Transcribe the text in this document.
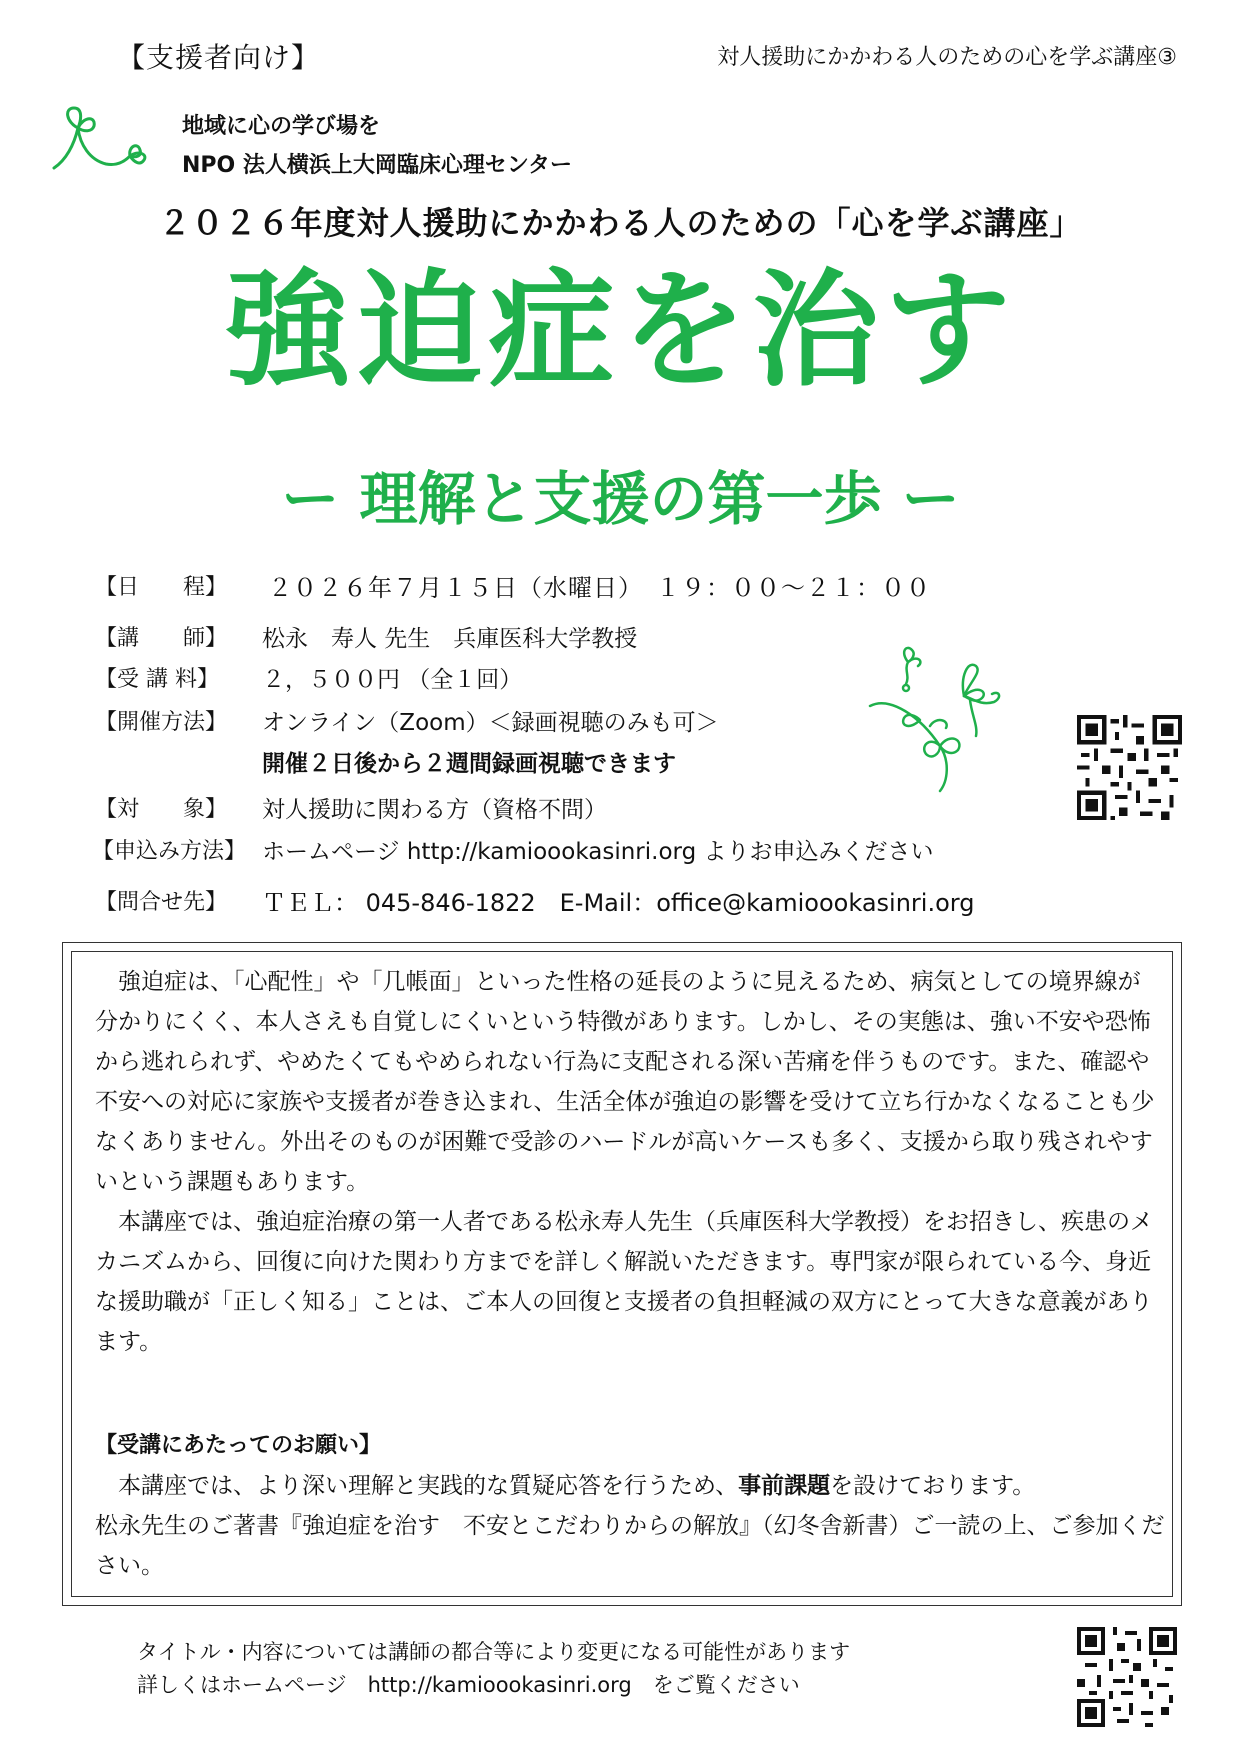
【支援者向け】	対人援助にかかわる人のための心を学ぶ講座③
地域に心の学び場を
NPO 法人横浜上大岡臨床心理センター
２０２６年度対人援助にかかわる人のための「心を学ぶ講座」
強迫症を治す
ー 理解と支援の第一歩 ー
【日　　程】 ２０２６年７月１５日（水曜日）　１９：００～２１：００
【講　　師】 松永　寿人 先生　兵庫医科大学教授
【受 講 料】 ２，５００円 （全１回）
【開催方法】 オンライン（Zoom）＜録画視聴のみも可＞
開催２日後から２週間録画視聴できます
【対　　象】 対人援助に関わる方（資格不問）
【申込み方法】 ホームページ http://kamioookasinri.org よりお申込みください
【問合せ先】 ＴＥＬ： 045-846-1822　E-Mail：office@kamioookasinri.org

強迫症は、「心配性」や「几帳面」といった性格の延長のように見えるため、病気としての境界線が分かりにくく、本人さえも自覚しにくいという特徴があります。しかし、その実態は、強い不安や恐怖から逃れられず、やめたくてもやめられない行為に支配される深い苦痛を伴うものです。また、確認や不安への対応に家族や支援者が巻き込まれ、生活全体が強迫の影響を受けて立ち行かなくなることも少なくありません。外出そのものが困難で受診のハードルが高いケースも多く、支援から取り残されやすいという課題もあります。

本講座では、強迫症治療の第一人者である松永寿人先生（兵庫医科大学教授）をお招きし、疾患のメカニズムから、回復に向けた関わり方までを詳しく解説いただきます。専門家が限られている今、身近な援助職が「正しく知る」ことは、ご本人の回復と支援者の負担軽減の双方にとって大きな意義があります。

【受講にあたってのお願い】

本講座では、より深い理解と実践的な質疑応答を行うため、事前課題を設けております。

松永先生のご著書『強迫症を治す　不安とこだわりからの解放』（幻冬舎新書）ご一読の上、ご参加ください。

タイトル・内容については講師の都合等により変更になる可能性があります
詳しくはホームページ　http://kamioookasinri.org　をご覧ください
